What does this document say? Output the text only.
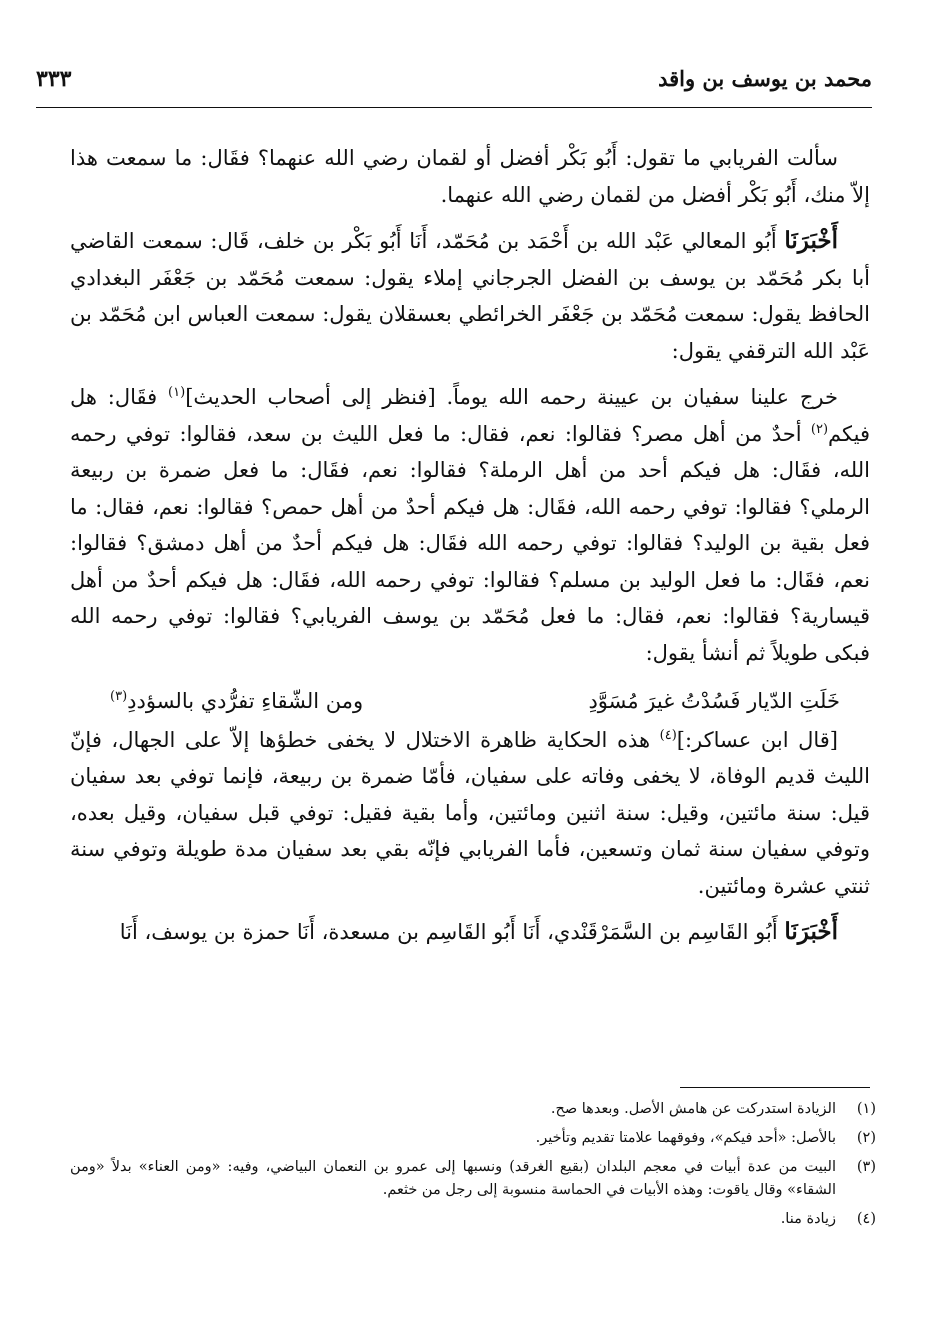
محمد بن يوسف بن واقد
٣٣٣

سألت الفريابي ما تقول: أَبُو بَكْر أفضل أو لقمان رضي الله عنهما؟ فقَال: ما سمعت هذا إلاّ منك، أَبُو بَكْر أفضل من لقمان رضي الله عنهما.

أَخْبَرَنَا أَبُو المعالي عَبْد الله بن أَحْمَد بن مُحَمّد، أَنَا أَبُو بَكْر بن خلف، قَال: سمعت القاضي أبا بكر مُحَمّد بن يوسف بن الفضل الجرجاني إملاء يقول: سمعت مُحَمّد بن جَعْفَر البغدادي الحافظ يقول: سمعت مُحَمّد بن جَعْفَر الخرائطي بعسقلان يقول: سمعت العباس ابن مُحَمّد بن عَبْد الله الترقفي يقول:

خرج علينا سفيان بن عيينة رحمه الله يوماً. [فنظر إلى أصحاب الحديث]$^{(١)}$ فقَال: هل فيكم$^{(٢)}$ أحدٌ من أهل مصر؟ فقالوا: نعم، فقال: ما فعل الليث بن سعد، فقالوا: توفي رحمه الله، فقَال: هل فيكم أحد من أهل الرملة؟ فقالوا: نعم، فقَال: ما فعل ضمرة بن ربيعة الرملي؟ فقالوا: توفي رحمه الله، فقَال: هل فيكم أحدٌ من أهل حمص؟ فقالوا: نعم، فقال: ما فعل بقية بن الوليد؟ فقالوا: توفي رحمه الله فقَال: هل فيكم أحدٌ من أهل دمشق؟ فقالوا: نعم، فقَال: ما فعل الوليد بن مسلم؟ فقالوا: توفي رحمه الله، فقَال: هل فيكم أحدٌ من أهل قيسارية؟ فقالوا: نعم، فقال: ما فعل مُحَمّد بن يوسف الفريابي؟ فقالوا: توفي رحمه الله فبكى طويلاً ثم أنشأ يقول:

خَلَتِ الدّيار فَسُدْتُ غيرَ مُسَوَّدِ
ومن الشّقاءِ تفرُّدي بالسؤددِ$^{(٣)}$

[قال ابن عساكر:]$^{(٤)}$ هذه الحكاية ظاهرة الاختلال لا يخفى خطؤها إلاّ على الجهال، فإنّ الليث قديم الوفاة، لا يخفى وفاته على سفيان، فأمّا ضمرة بن ربيعة، فإنما توفي بعد سفيان قيل: سنة مائتين، وقيل: سنة اثنين ومائتين، وأما بقية فقيل: توفي قبل سفيان، وقيل بعده، وتوفي سفيان سنة ثمان وتسعين، فأما الفريابي فإنّه بقي بعد سفيان مدة طويلة وتوفي سنة ثنتي عشرة ومائتين.

أَخْبَرَنَا أَبُو القَاسِم بن السَّمَرْقَنْدي، أَنَا أَبُو القَاسِم بن مسعدة، أَنَا حمزة بن يوسف، أَنَا

(١)
الزيادة استدركت عن هامش الأصل. وبعدها صح.
(٢)
بالأصل: «أحد فيكم»، وفوقهما علامتا تقديم وتأخير.
(٣)
البيت من عدة أبيات في معجم البلدان (بقيع الغرقد) ونسبها إلى عمرو بن النعمان البياضي، وفيه: «ومن العناء» بدلاً «ومن الشقاء» وقال ياقوت: وهذه الأبيات في الحماسة منسوبة إلى رجل من خثعم.
(٤)
زيادة منا.
